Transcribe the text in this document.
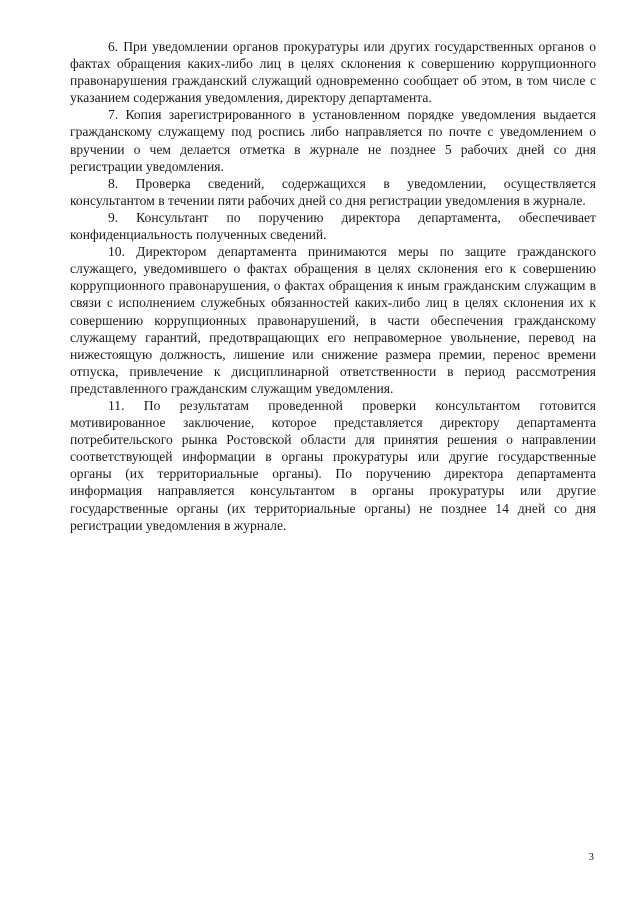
6. При уведомлении органов прокуратуры или других государственных органов о фактах обращения каких-либо лиц в целях склонения к совершению коррупционного правонарушения гражданский служащий одновременно сообщает об этом, в том числе с указанием содержания уведомления, директору департамента.

7. Копия зарегистрированного в установленном порядке уведомления выдается гражданскому служащему под роспись либо направляется по почте с уведомлением о вручении о чем делается отметка в журнале не позднее 5 рабочих дней со дня регистрации уведомления.

8. Проверка сведений, содержащихся в уведомлении, осуществляется консультантом в течении пяти рабочих дней со дня регистрации уведомления в журнале.

9. Консультант по поручению директора департамента, обеспечивает конфиденциальность полученных сведений.

10. Директором департамента принимаются меры по защите гражданского служащего, уведомившего о фактах обращения в целях склонения его к совершению коррупционного правонарушения, о фактах обращения к иным гражданским служащим в связи с исполнением служебных обязанностей каких-либо лиц в целях склонения их к совершению коррупционных правонарушений, в части обеспечения гражданскому служащему гарантий, предотвращающих его неправомерное увольнение, перевод на нижестоящую должность, лишение или снижение размера премии, перенос времени отпуска, привлечение к дисциплинарной ответственности в период рассмотрения представленного гражданским служащим уведомления.

11. По результатам проведенной проверки консультантом готовится мотивированное заключение, которое представляется директору департамента потребительского рынка Ростовской области для принятия решения о направлении соответствующей информации в органы прокуратуры или другие государственные органы (их территориальные органы). По поручению директора департамента информация направляется консультантом в органы прокуратуры или другие государственные органы (их территориальные органы) не позднее 14 дней со дня регистрации уведомления в журнале.

3
